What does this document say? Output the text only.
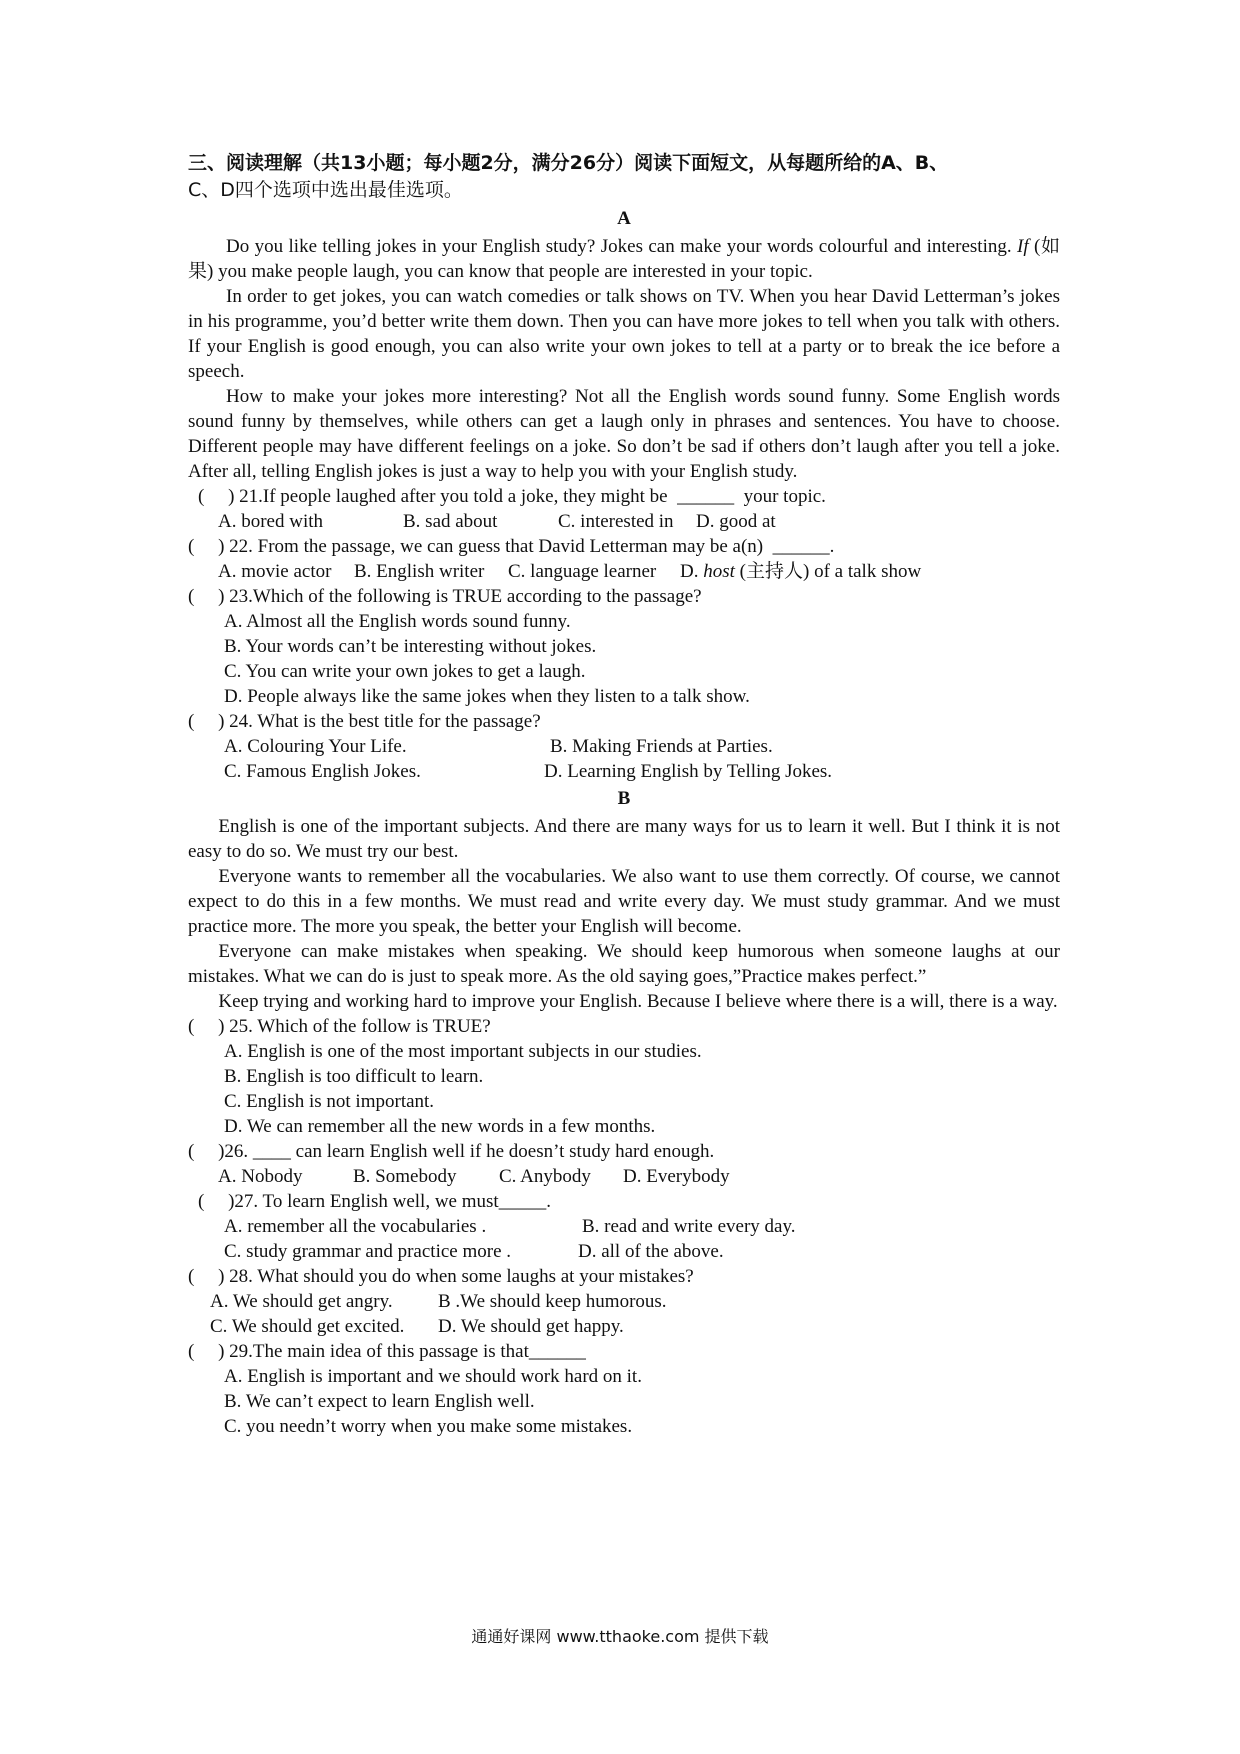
三、阅读理解（共13小题；每小题2分，满分26分）阅读下面短文，从每题所给的A、B、
C、D四个选项中选出最佳选项。

A

Do you like telling jokes in your English study? Jokes can make your words colourful and interesting. If (如果) you make people laugh, you can know that people are interested in your topic.

In order to get jokes, you can watch comedies or talk shows on TV. When you hear David Letterman’s jokes in his programme, you’d better write them down. Then you can have more jokes to tell when you talk with others. If your English is good enough, you can also write your own jokes to tell at a party or to break the ice before a speech.

How to make your jokes more interesting? Not all the English words sound funny. Some English words sound funny by themselves, while others can get a laugh only in phrases and sentences. You have to choose. Different people may have different feelings on a joke. So don’t be sad if others don’t laugh after you tell a joke. After all, telling English jokes is just a way to help you with your English study.

(     ) 21.If people laughed after you told a joke, they might be  ______  your topic.

A. bored with	B. sad about	C. interested in	D. good at

(     ) 22. From the passage, we can guess that David Letterman may be a(n)  ______.

A. movie actor	B. English writer	C. language learner	D. host (主持人) of a talk show

(     ) 23.Which of the following is TRUE according to the passage?

A. Almost all the English words sound funny.

B. Your words can’t be interesting without jokes.

C. You can write your own jokes to get a laugh.

D. People always like the same jokes when they listen to a talk show.

(     ) 24. What is the best title for the passage?

A. Colouring Your Life.	B. Making Friends at Parties.
C. Famous English Jokes.	D. Learning English by Telling Jokes.
B

English is one of the important subjects. And there are many ways for us to learn it well. But I think it is not easy to do so. We must try our best.

Everyone wants to remember all the vocabularies. We also want to use them correctly. Of course, we cannot expect to do this in a few months. We must read and write every day. We must study grammar. And we must practice more. The more you speak, the better your English will become.

Everyone can make mistakes when speaking. We should keep humorous when someone laughs at our mistakes. What we can do is just to speak more. As the old saying goes,”Practice makes perfect.”

Keep trying and working hard to improve your English. Because I believe where there is a will, there is a way.

(     ) 25. Which of the follow is TRUE?

A. English is one of the most important subjects in our studies.

B. English is too difficult to learn.

C. English is not important.

D. We can remember all the new words in a few months.

(     )26. ____ can learn English well if he doesn’t study hard enough.

A. Nobody	B. Somebody	C. Anybody	D. Everybody

(     )27. To learn English well, we must_____.

A. remember all the vocabularies .	B. read and write every day.
C. study grammar and practice more .	D. all of the above.

(     ) 28. What should you do when some laughs at your mistakes?

A. We should get angry.	B .We should keep humorous.
C. We should get excited.	D. We should get happy.

(     ) 29.The main idea of this passage is that______

A. English is important and we should work hard on it.

B. We can’t expect to learn English well.

C. you needn’t worry when you make some mistakes.

通通好课网 www.tthaoke.com 提供下载
